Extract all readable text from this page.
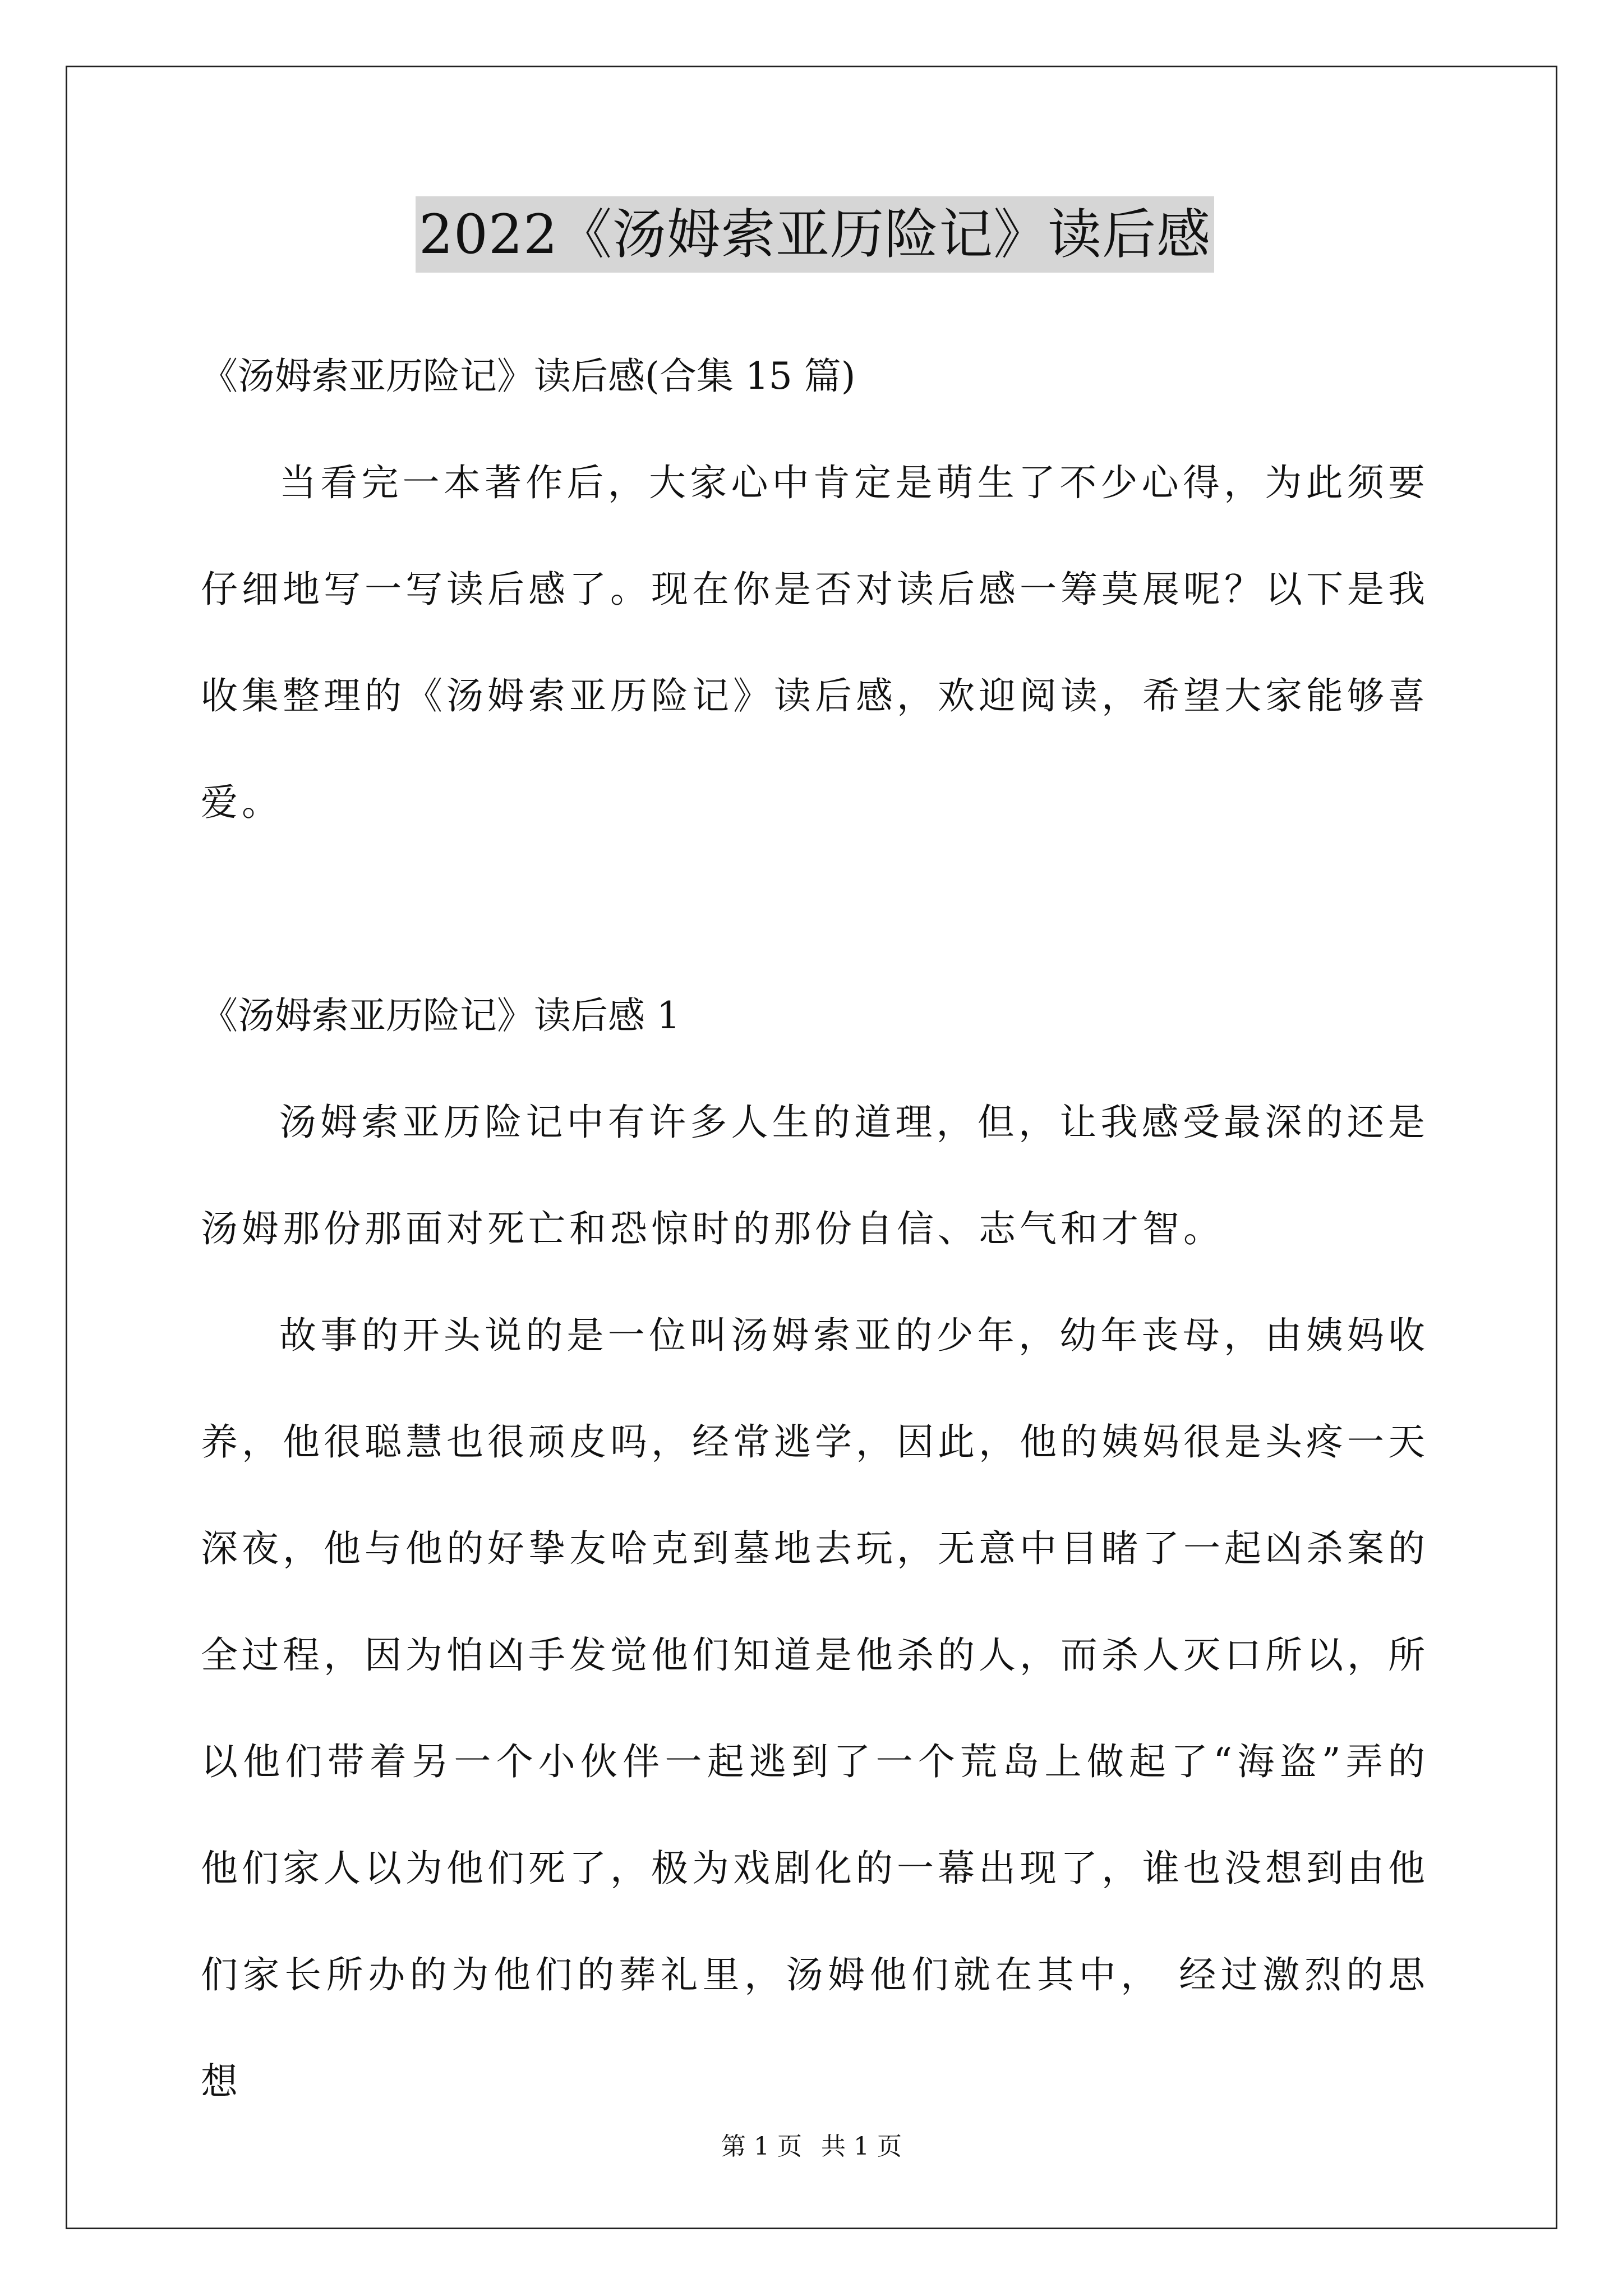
2022《汤姆索亚历险记》读后感

《汤姆索亚历险记》读后感(合集 15 篇)

当看完一本著作后，大家心中肯定是萌生了不少心得，为此须要仔细地写一写读后感了。现在你是否对读后感一筹莫展呢？以下是我收集整理的《汤姆索亚历险记》读后感，欢迎阅读，希望大家能够喜爱。

《汤姆索亚历险记》读后感 1

汤姆索亚历险记中有许多人生的道理，但，让我感受最深的还是汤姆那份那面对死亡和恐惊时的那份自信、志气和才智。

故事的开头说的是一位叫汤姆索亚的少年，幼年丧母，由姨妈收养，他很聪慧也很顽皮吗，经常逃学，因此，他的姨妈很是头疼一天深夜，他与他的好挚友哈克到墓地去玩，无意中目睹了一起凶杀案的全过程，因为怕凶手发觉他们知道是他杀的人，而杀人灭口所以，所以他们带着另一个小伙伴一起逃到了一个荒岛上做起了“海盗”弄的他们家人以为他们死了，极为戏剧化的一幕出现了，谁也没想到由他们家长所办的为他们的葬礼里，汤姆他们就在其中， 经过激烈的思想

第 1 页 共 1 页
